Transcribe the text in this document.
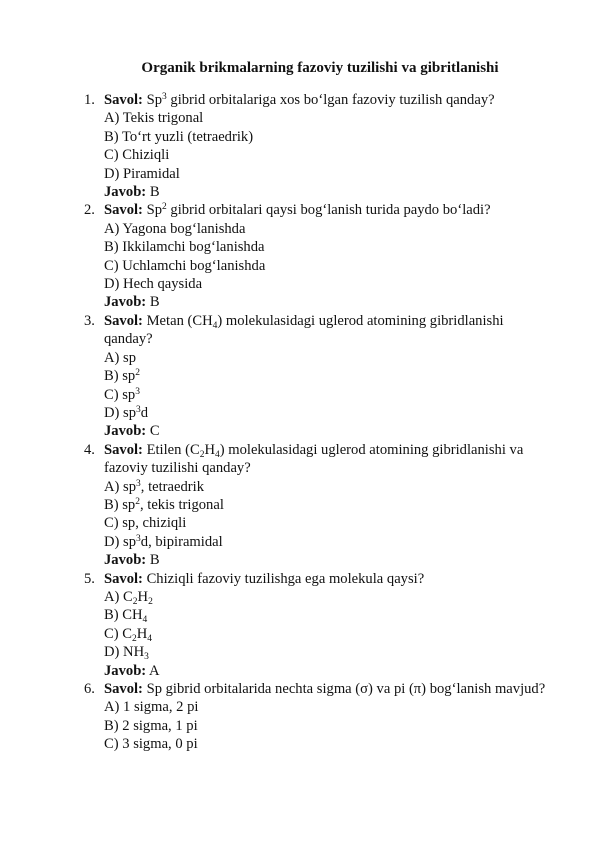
Organik brikmalarning fazoviy tuzilishi va gibritlanishi
1. Savol: Sp$^3$ gibrid orbitalariga xos bo‘lgan fazoviy tuzilish qanday?
A) Tekis trigonal
B) To‘rt yuzli (tetraedrik)
C) Chiziqli
D) Piramidal
Javob: B
2. Savol: Sp$^2$ gibrid orbitalari qaysi bog‘lanish turida paydo bo‘ladi?
A) Yagona bog‘lanishda
B) Ikkilamchi bog‘lanishda
C) Uchlamchi bog‘lanishda
D) Hech qaysida
Javob: B
3. Savol: Metan $(CH_4)$ molekulasidagi uglerod atomining gibridlanishi qanday?
A) sp
B) $sp^2$
C) $sp^3$
D) $sp^3d$
Javob: C
4. Savol: Etilen $(C_2H_4)$ molekulasidagi uglerod atomining gibridlanishi va fazoviy tuzilishi qanday?
A) $sp^3$, tetraedrik
B) $sp^2$, tekis trigonal
C) sp, chiziqli
D) $sp^3d$, bipiramidal
Javob: B
5. Savol: Chiziqli fazoviy tuzilishga ega molekula qaysi?
A) $C_2H_2$
B) $CH_4$
C) $C_2H_4$
D) $NH_3$
Javob: A
6. Savol: Sp gibrid orbitalarida nechta sigma (σ) va pi (π) bog‘lanish mavjud?
A) 1 sigma, 2 pi
B) 2 sigma, 1 pi
C) 3 sigma, 0 pi
